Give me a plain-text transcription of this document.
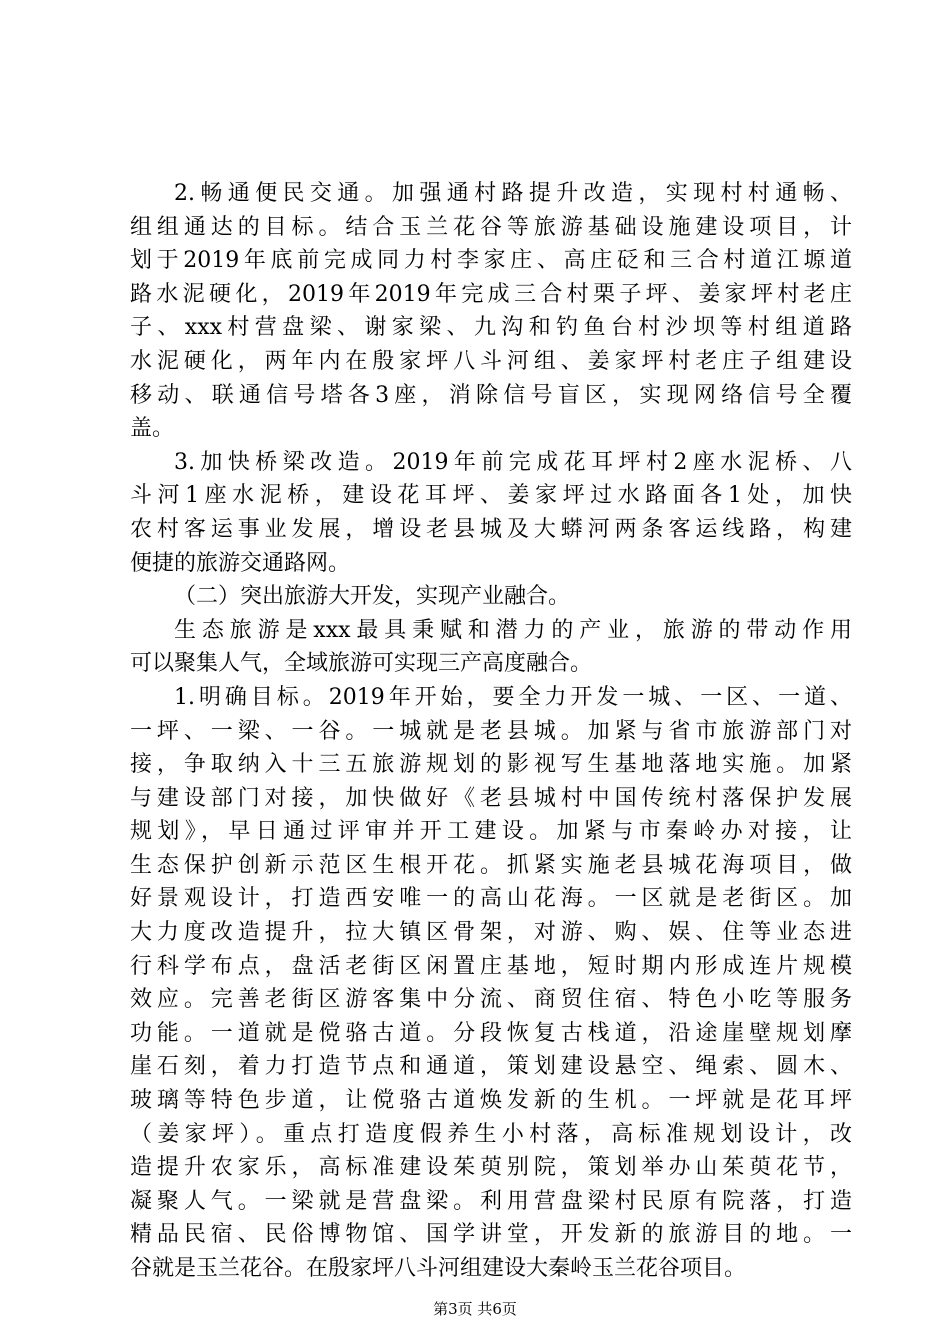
2.畅通便民交通。加强通村路提升改造，实现村村通畅、
组组通达的目标。结合玉兰花谷等旅游基础设施建设项目，计
划于2019年底前完成同力村李家庄、高庄砭和三合村道江塬道
路水泥硬化，2019年2019年完成三合村栗子坪、姜家坪村老庄
子、xxx村营盘梁、谢家梁、九沟和钓鱼台村沙坝等村组道路
水泥硬化，两年内在殷家坪八斗河组、姜家坪村老庄子组建设
移动、联通信号塔各3座，消除信号盲区，实现网络信号全覆
盖。
3.加快桥梁改造。2019年前完成花耳坪村2座水泥桥、八
斗河1座水泥桥，建设花耳坪、姜家坪过水路面各1处，加快
农村客运事业发展，增设老县城及大蟒河两条客运线路，构建
便捷的旅游交通路网。
（二）突出旅游大开发，实现产业融合。
生态旅游是xxx最具秉赋和潜力的产业，旅游的带动作用
可以聚集人气，全域旅游可实现三产高度融合。
1.明确目标。2019年开始，要全力开发一城、一区、一道、
一坪、一梁、一谷。一城就是老县城。加紧与省市旅游部门对
接，争取纳入十三五旅游规划的影视写生基地落地实施。加紧
与建设部门对接，加快做好《老县城村中国传统村落保护发展
规划》，早日通过评审并开工建设。加紧与市秦岭办对接，让
生态保护创新示范区生根开花。抓紧实施老县城花海项目，做
好景观设计，打造西安唯一的高山花海。一区就是老街区。加
大力度改造提升，拉大镇区骨架，对游、购、娱、住等业态进
行科学布点，盘活老街区闲置庄基地，短时期内形成连片规模
效应。完善老街区游客集中分流、商贸住宿、特色小吃等服务
功能。一道就是傥骆古道。分段恢复古栈道，沿途崖壁规划摩
崖石刻，着力打造节点和通道，策划建设悬空、绳索、圆木、
玻璃等特色步道，让傥骆古道焕发新的生机。一坪就是花耳坪
（姜家坪）。重点打造度假养生小村落，高标准规划设计，改
造提升农家乐，高标准建设茱萸别院，策划举办山茱萸花节，
凝聚人气。一梁就是营盘梁。利用营盘梁村民原有院落，打造
精品民宿、民俗博物馆、国学讲堂，开发新的旅游目的地。一
谷就是玉兰花谷。在殷家坪八斗河组建设大秦岭玉兰花谷项目。
第3页 共6页
